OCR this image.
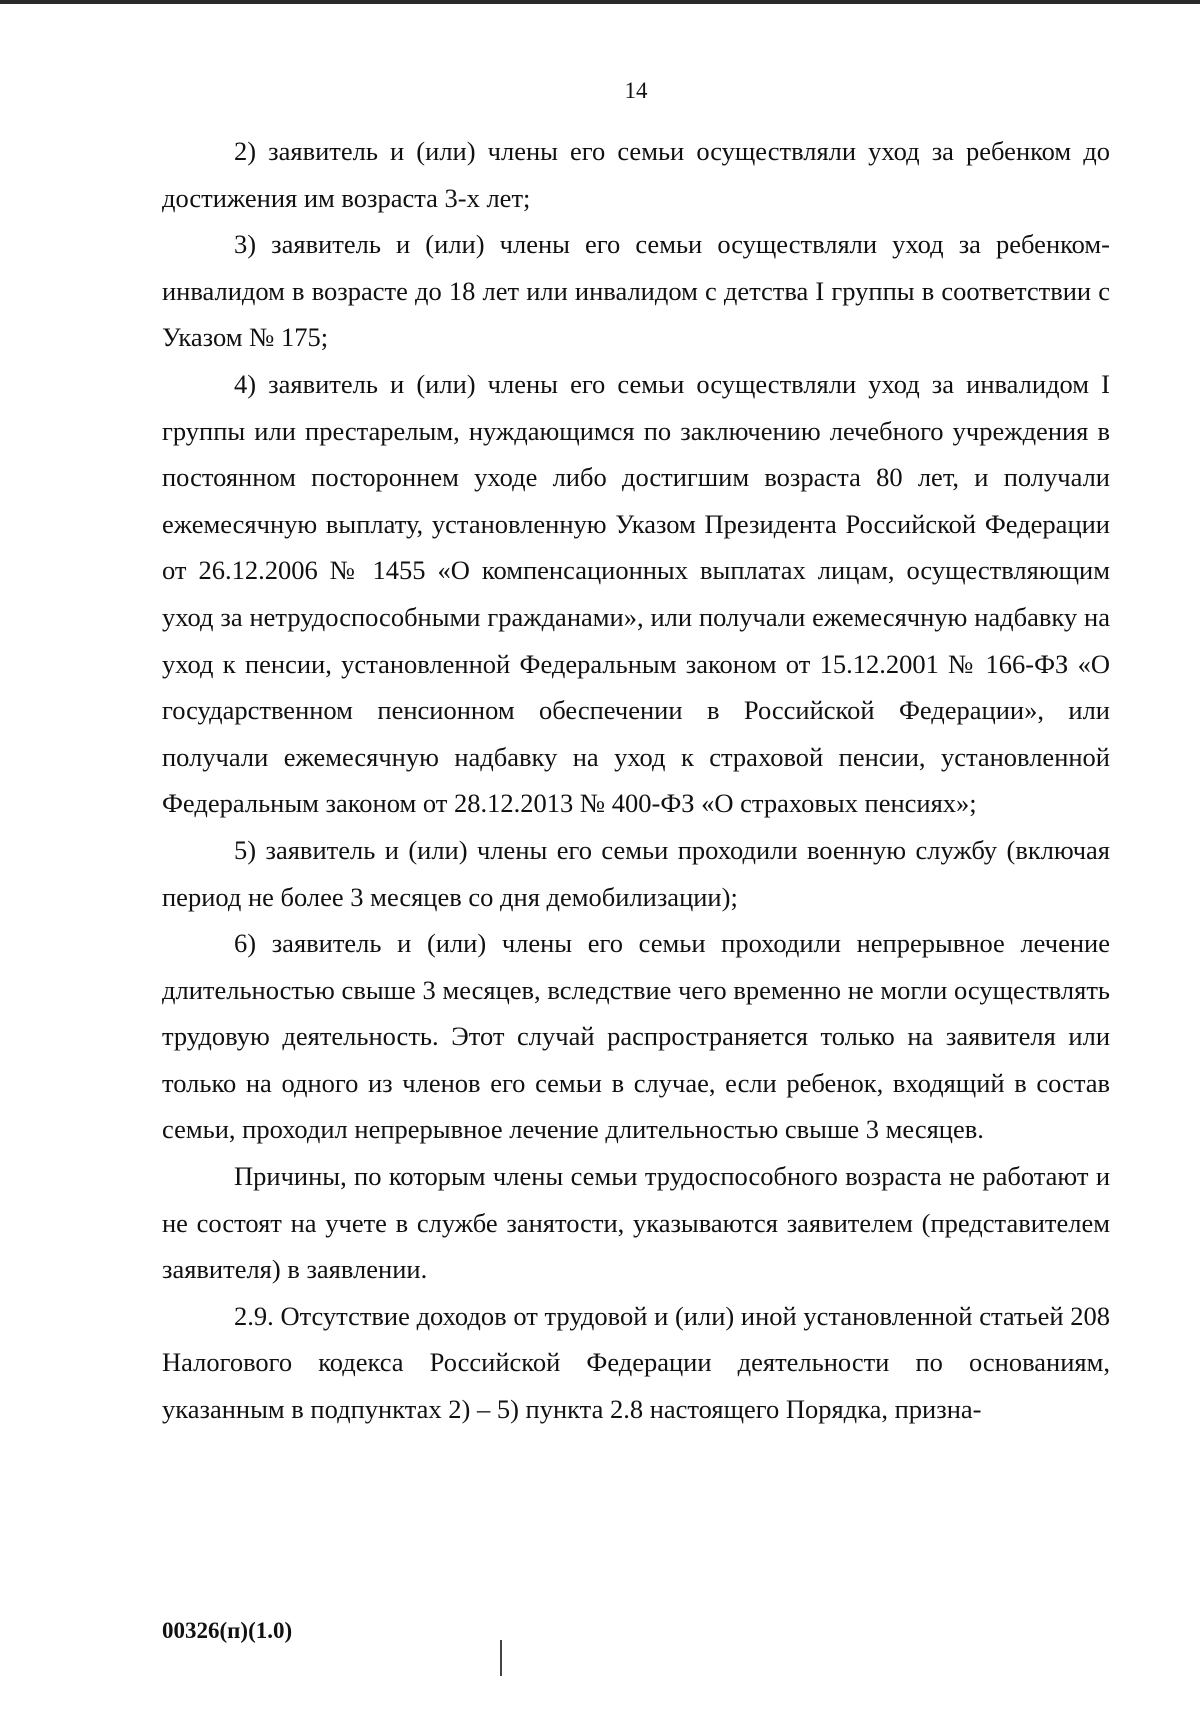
14

2) заявитель и (или) члены его семьи осуществляли уход за ребенком до достижения им возраста 3-х лет;

3) заявитель и (или) члены его семьи осуществляли уход за ребенком-инвалидом в возрасте до 18 лет или инвалидом с детства I группы в соответствии с Указом № 175;

4) заявитель и (или) члены его семьи осуществляли уход за инвалидом I группы или престарелым, нуждающимся по заключению лечебного учреждения в постоянном постороннем уходе либо достигшим возраста 80 лет, и получали ежемесячную выплату, установленную Указом Президента Российской Федерации от 26.12.2006 № 1455 «О компенсационных выплатах лицам, осуществляющим уход за нетрудоспособными гражданами», или получали ежемесячную надбавку на уход к пенсии, установленной Федеральным законом от 15.12.2001 № 166-ФЗ «О государственном пенсионном обеспечении в Российской Федерации», или получали ежемесячную надбавку на уход к страховой пенсии, установленной Федеральным законом от 28.12.2013 № 400-ФЗ «О страховых пенсиях»;

5) заявитель и (или) члены его семьи проходили военную службу (включая период не более 3 месяцев со дня демобилизации);

6) заявитель и (или) члены его семьи проходили непрерывное лечение длительностью свыше 3 месяцев, вследствие чего временно не могли осуществлять трудовую деятельность. Этот случай распространяется только на заявителя или только на одного из членов его семьи в случае, если ребенок, входящий в состав семьи, проходил непрерывное лечение длительностью свыше 3 месяцев.

Причины, по которым члены семьи трудоспособного возраста не работают и не состоят на учете в службе занятости, указываются заявителем (представителем заявителя) в заявлении.

2.9. Отсутствие доходов от трудовой и (или) иной установленной статьей 208 Налогового кодекса Российской Федерации деятельности по основаниям, указанным в подпунктах 2) – 5) пункта 2.8 настоящего Порядка, призна-

00326(п)(1.0)
